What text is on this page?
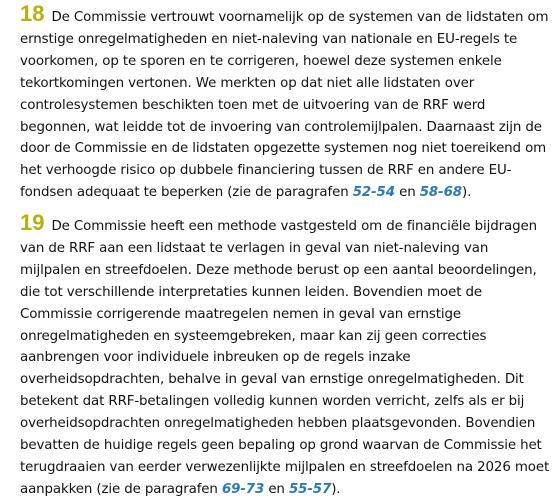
18 De Commissie vertrouwt voornamelijk op de systemen van de lidstaten om ernstige onregelmatigheden en niet-naleving van nationale en EU-regels te voorkomen, op te sporen en te corrigeren, hoewel deze systemen enkele tekortkomingen vertonen. We merkten op dat niet alle lidstaten over controlesystemen beschikten toen met de uitvoering van de RRF werd begonnen, wat leidde tot de invoering van controlemijlpalen. Daarnaast zijn de door de Commissie en de lidstaten opgezette systemen nog niet toereikend om het verhoogde risico op dubbele financiering tussen de RRF en andere EU-fondsen adequaat te beperken (zie de paragrafen 52-54 en 58-68).

19 De Commissie heeft een methode vastgesteld om de financiële bijdragen van de RRF aan een lidstaat te verlagen in geval van niet-naleving van mijlpalen en streefdoelen. Deze methode berust op een aantal beoordelingen, die tot verschillende interpretaties kunnen leiden. Bovendien moet de Commissie corrigerende maatregelen nemen in geval van ernstige onregelmatigheden en systeemgebreken, maar kan zij geen correcties aanbrengen voor individuele inbreuken op de regels inzake overheidsopdrachten, behalve in geval van ernstige onregelmatigheden. Dit betekent dat RRF-betalingen volledig kunnen worden verricht, zelfs als er bij overheidsopdrachten onregelmatigheden hebben plaatsgevonden. Bovendien bevatten de huidige regels geen bepaling op grond waarvan de Commissie het terugdraaien van eerder verwezenlijkte mijlpalen en streefdoelen na 2026 moet aanpakken (zie de paragrafen 69-73 en 55-57).
